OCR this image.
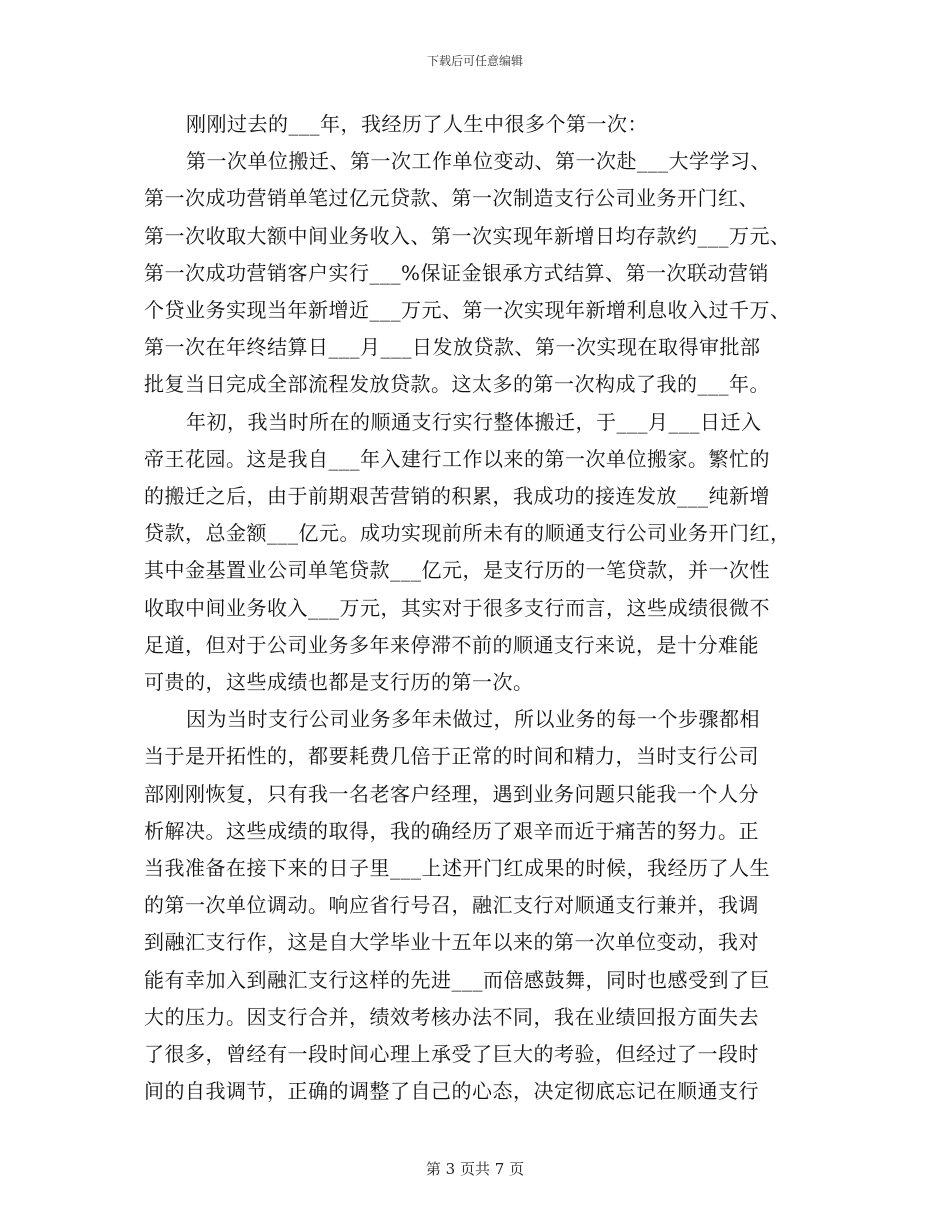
下载后可任意编辑
刚刚过去的___年，我经历了人生中很多个第一次：
第一次单位搬迁、第一次工作单位变动、第一次赴___大学学习、
第一次成功营销单笔过亿元贷款、第一次制造支行公司业务开门红、
第一次收取大额中间业务收入、第一次实现年新增日均存款约___万元、
第一次成功营销客户实行___%保证金银承方式结算、第一次联动营销
个贷业务实现当年新增近___万元、第一次实现年新增利息收入过千万、
第一次在年终结算日___月___日发放贷款、第一次实现在取得审批部
批复当日完成全部流程发放贷款。这太多的第一次构成了我的___年。
年初，我当时所在的顺通支行实行整体搬迁，于___月___日迁入
帝王花园。这是我自___年入建行工作以来的第一次单位搬家。繁忙的
的搬迁之后，由于前期艰苦营销的积累，我成功的接连发放___纯新增
贷款，总金额___亿元。成功实现前所未有的顺通支行公司业务开门红，
其中金基置业公司单笔贷款___亿元，是支行历的一笔贷款，并一次性
收取中间业务收入___万元，其实对于很多支行而言，这些成绩很微不
足道，但对于公司业务多年来停滞不前的顺通支行来说，是十分难能
可贵的，这些成绩也都是支行历的第一次。
因为当时支行公司业务多年未做过，所以业务的每一个步骤都相
当于是开拓性的，都要耗费几倍于正常的时间和精力，当时支行公司
部刚刚恢复，只有我一名老客户经理，遇到业务问题只能我一个人分
析解决。这些成绩的取得，我的确经历了艰辛而近于痛苦的努力。正
当我准备在接下来的日子里___上述开门红成果的时候，我经历了人生
的第一次单位调动。响应省行号召，融汇支行对顺通支行兼并，我调
到融汇支行作，这是自大学毕业十五年以来的第一次单位变动，我对
能有幸加入到融汇支行这样的先进___而倍感鼓舞，同时也感受到了巨
大的压力。因支行合并，绩效考核办法不同，我在业绩回报方面失去
了很多，曾经有一段时间心理上承受了巨大的考验，但经过了一段时
间的自我调节，正确的调整了自己的心态，决定彻底忘记在顺通支行
第 3 页共 7 页
